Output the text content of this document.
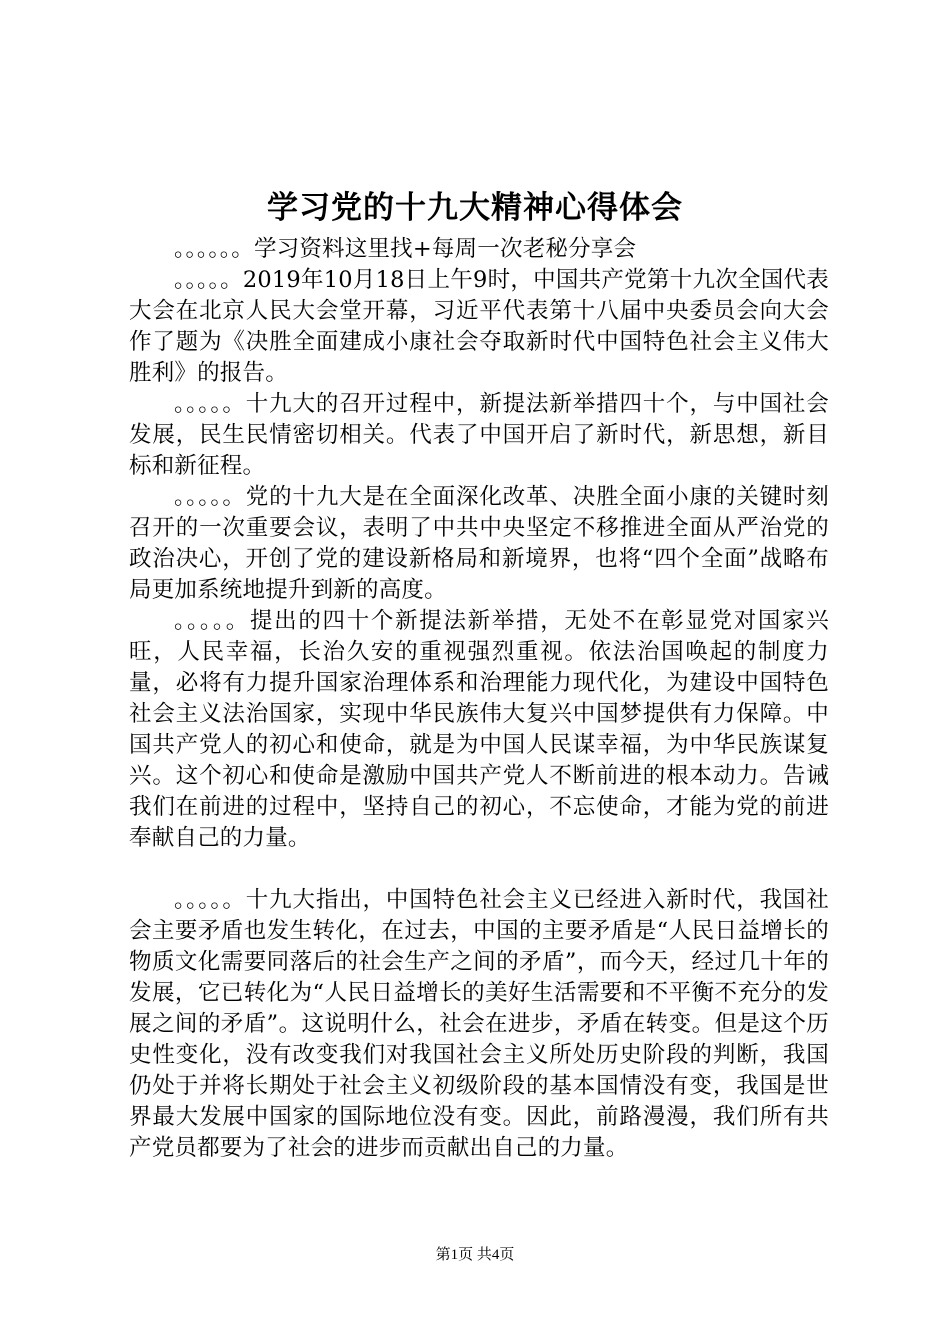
学习党的十九大精神心得体会

。。。。。。学习资料这里找+每周一次老秘分享会

。。。。。2019年10月18日上午9时，中国共产党第十九次全国代表大会在北京人民大会堂开幕，习近平代表第十八届中央委员会向大会作了题为《决胜全面建成小康社会夺取新时代中国特色社会主义伟大胜利》的报告。

。。。。。十九大的召开过程中，新提法新举措四十个，与中国社会发展，民生民情密切相关。代表了中国开启了新时代，新思想，新目标和新征程。

。。。。。党的十九大是在全面深化改革、决胜全面小康的关键时刻召开的一次重要会议，表明了中共中央坚定不移推进全面从严治党的政治决心，开创了党的建设新格局和新境界，也将“四个全面”战略布局更加系统地提升到新的高度。

。。。。。提出的四十个新提法新举措，无处不在彰显党对国家兴旺，人民幸福，长治久安的重视强烈重视。依法治国唤起的制度力量，必将有力提升国家治理体系和治理能力现代化，为建设中国特色社会主义法治国家，实现中华民族伟大复兴中国梦提供有力保障。中国共产党人的初心和使命，就是为中国人民谋幸福，为中华民族谋复兴。这个初心和使命是激励中国共产党人不断前进的根本动力。告诫我们在前进的过程中，坚持自己的初心，不忘使命，才能为党的前进奉献自己的力量。

。。。。。十九大指出，中国特色社会主义已经进入新时代，我国社会主要矛盾也发生转化，在过去，中国的主要矛盾是“人民日益增长的物质文化需要同落后的社会生产之间的矛盾”，而今天，经过几十年的发展，它已转化为“人民日益增长的美好生活需要和不平衡不充分的发展之间的矛盾”。这说明什么，社会在进步，矛盾在转变。但是这个历史性变化，没有改变我们对我国社会主义所处历史阶段的判断，我国仍处于并将长期处于社会主义初级阶段的基本国情没有变，我国是世界最大发展中国家的国际地位没有变。因此，前路漫漫，我们所有共产党员都要为了社会的进步而贡献出自己的力量。

第1页 共4页
